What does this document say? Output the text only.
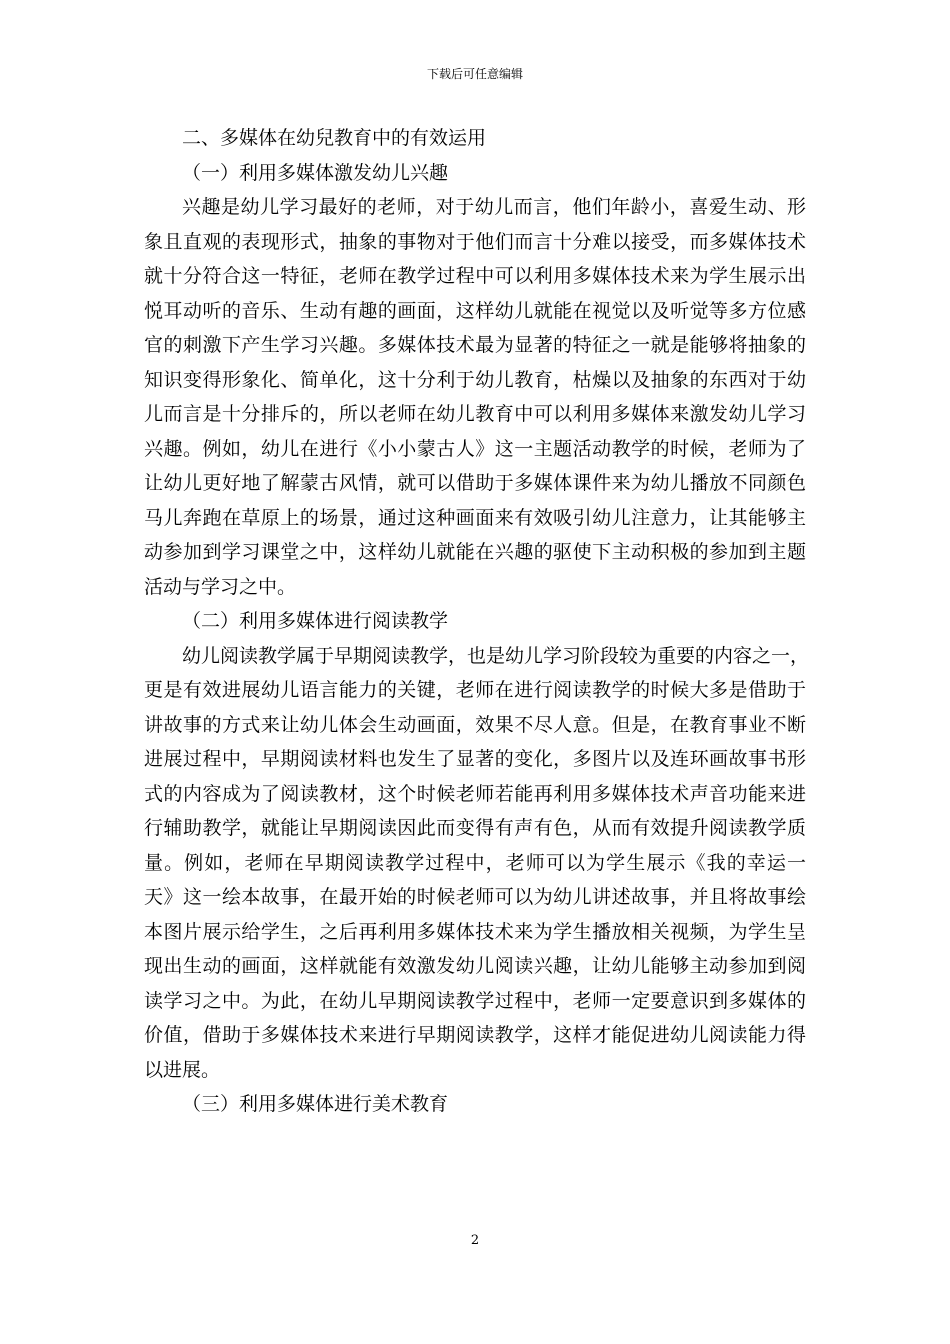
下载后可任意编辑
二、多媒体在幼兒教育中的有效运用
（一）利用多媒体激发幼儿兴趣
兴趣是幼儿学习最好的老师，对于幼儿而言，他们年龄小，喜爱生动、形
象且直观的表现形式，抽象的事物对于他们而言十分难以接受，而多媒体技术
就十分符合这一特征，老师在教学过程中可以利用多媒体技术来为学生展示出
悦耳动听的音乐、生动有趣的画面，这样幼儿就能在视觉以及听觉等多方位感
官的刺激下产生学习兴趣。多媒体技术最为显著的特征之一就是能够将抽象的
知识变得形象化、简单化，这十分利于幼儿教育，枯燥以及抽象的东西对于幼
儿而言是十分排斥的，所以老师在幼儿教育中可以利用多媒体来激发幼儿学习
兴趣。例如，幼儿在进行《小小蒙古人》这一主题活动教学的时候，老师为了
让幼儿更好地了解蒙古风情，就可以借助于多媒体课件来为幼儿播放不同颜色
马儿奔跑在草原上的场景，通过这种画面来有效吸引幼儿注意力，让其能够主
动参加到学习课堂之中，这样幼儿就能在兴趣的驱使下主动积极的参加到主题
活动与学习之中。
（二）利用多媒体进行阅读教学
幼儿阅读教学属于早期阅读教学，也是幼儿学习阶段较为重要的内容之一，
更是有效进展幼儿语言能力的关键，老师在进行阅读教学的时候大多是借助于
讲故事的方式来让幼儿体会生动画面，效果不尽人意。但是，在教育事业不断
进展过程中，早期阅读材料也发生了显著的变化，多图片以及连环画故事书形
式的内容成为了阅读教材，这个时候老师若能再利用多媒体技术声音功能来进
行辅助教学，就能让早期阅读因此而变得有声有色，从而有效提升阅读教学质
量。例如，老师在早期阅读教学过程中，老师可以为学生展示《我的幸运一
天》这一绘本故事，在最开始的时候老师可以为幼儿讲述故事，并且将故事绘
本图片展示给学生，之后再利用多媒体技术来为学生播放相关视频，为学生呈
现出生动的画面，这样就能有效激发幼儿阅读兴趣，让幼儿能够主动参加到阅
读学习之中。为此，在幼儿早期阅读教学过程中，老师一定要意识到多媒体的
价值，借助于多媒体技术来进行早期阅读教学，这样才能促进幼儿阅读能力得
以进展。
（三）利用多媒体进行美术教育
2
